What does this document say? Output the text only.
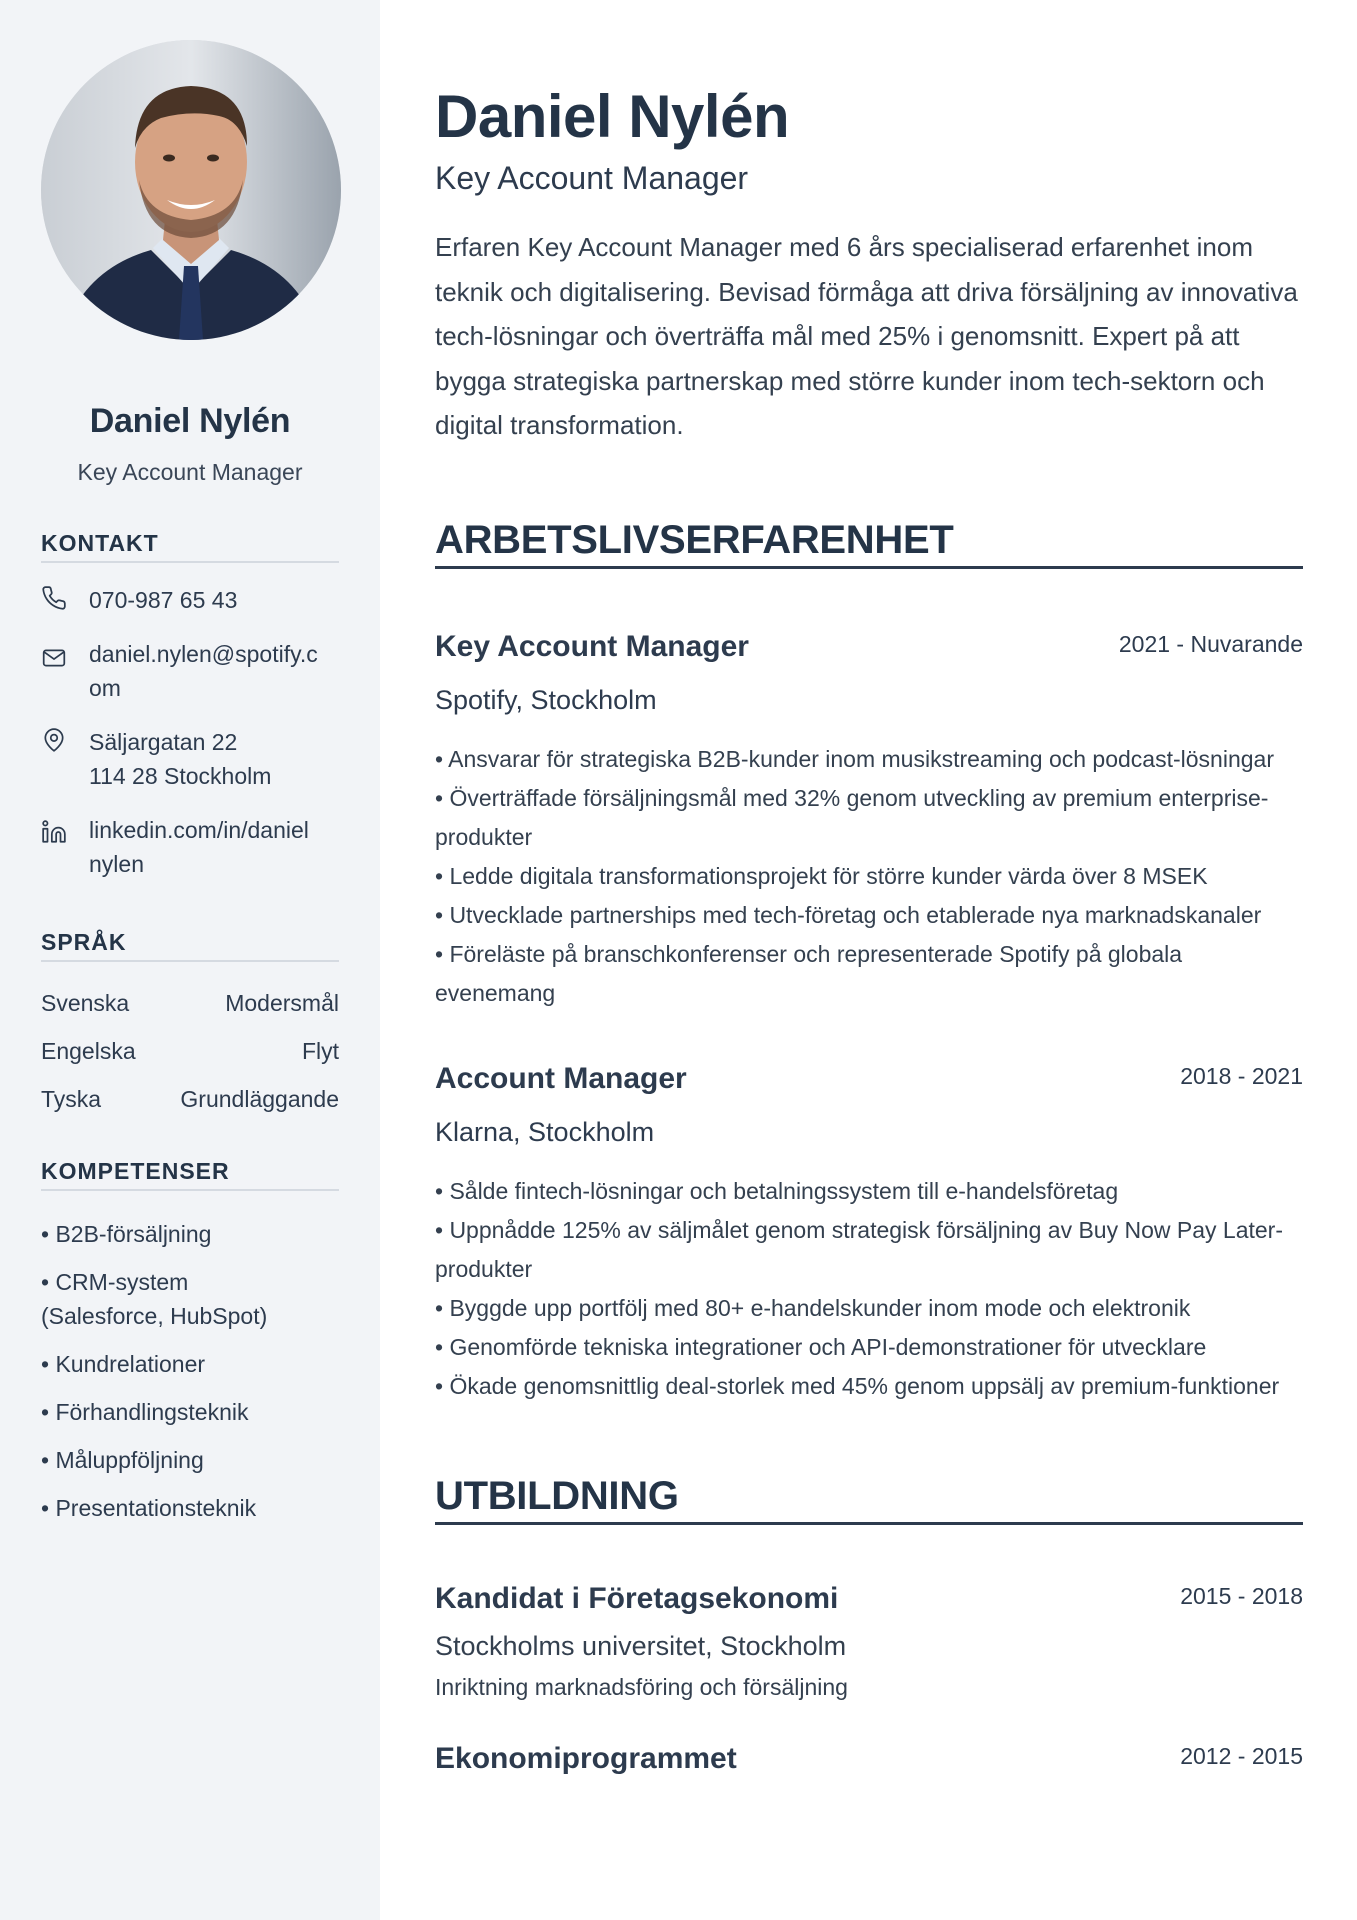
Daniel Nylén
Key Account Manager
KONTAKT
070-987 65 43
daniel.nylen@spotify.c
om
Säljargatan 22
114 28 Stockholm
linkedin.com/in/daniel
nylen
SPRÅK
Svenska	Modersmål
Engelska	Flyt
Tyska	Grundläggande
KOMPETENSER
• B2B-försäljning
• CRM-system
(Salesforce, HubSpot)
• Kundrelationer
• Förhandlingsteknik
• Måluppföljning
• Presentationsteknik
Daniel Nylén
Key Account Manager

Erfaren Key Account Manager med 6 års specialiserad erfarenhet inom teknik och digitalisering. Bevisad förmåga att driva försäljning av innovativa tech-lösningar och överträffa mål med 25% i genomsnitt. Expert på att bygga strategiska partnerskap med större kunder inom tech-sektorn och digital transformation.

ARBETSLIVSERFARENHET
Key Account Manager	2021 - Nuvarande
Spotify, Stockholm
• Ansvarar för strategiska B2B-kunder inom musikstreaming och podcast-lösningar
• Överträffade försäljningsmål med 32% genom utveckling av premium enterprise-produkter
• Ledde digitala transformationsprojekt för större kunder värda över 8 MSEK
• Utvecklade partnerships med tech-företag och etablerade nya marknadskanaler
• Föreläste på branschkonferenser och representerade Spotify på globala evenemang
Account Manager	2018 - 2021
Klarna, Stockholm
• Sålde fintech-lösningar och betalningssystem till e-handelsföretag
• Uppnådde 125% av säljmålet genom strategisk försäljning av Buy Now Pay Later-produkter
• Byggde upp portfölj med 80+ e-handelskunder inom mode och elektronik
• Genomförde tekniska integrationer och API-demonstrationer för utvecklare
• Ökade genomsnittlig deal-storlek med 45% genom uppsälj av premium-funktioner
UTBILDNING
Kandidat i Företagsekonomi	2015 - 2018
Stockholms universitet, Stockholm
Inriktning marknadsföring och försäljning
Ekonomiprogrammet	2012 - 2015
